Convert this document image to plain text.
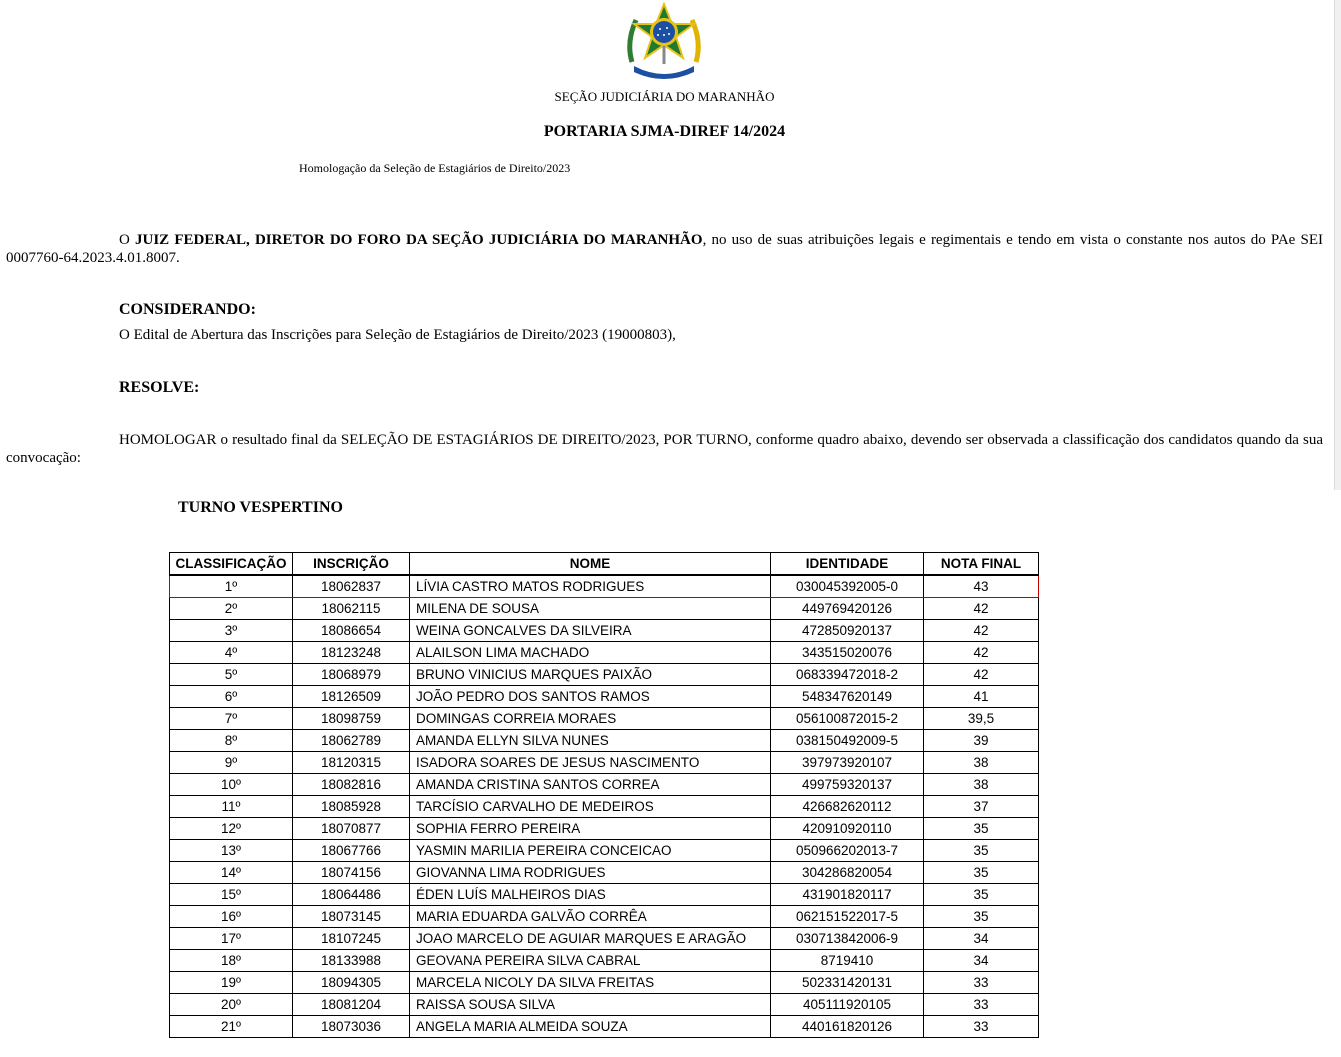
SEÇÃO JUDICIÁRIA DO MARANHÃO
PORTARIA SJMA-DIREF 14/2024
Homologação da Seleção de Estagiários de Direito/2023
O JUIZ FEDERAL, DIRETOR DO FORO DA SEÇÃO JUDICIÁRIA DO MARANHÃO, no uso de suas atribuições legais e regimentais e tendo em vista o constante nos autos do PAe SEI 0007760-64.2023.4.01.8007.
CONSIDERANDO:
O Edital de Abertura das Inscrições para Seleção de Estagiários de Direito/2023 (19000803),
RESOLVE:
HOMOLOGAR o resultado final da SELEÇÃO DE ESTAGIÁRIOS DE DIREITO/2023, POR TURNO, conforme quadro abaixo, devendo ser observada a classificação dos candidatos quando da sua convocação:
TURNO VESPERTINO
CLASSIFICAÇÃO	INSCRIÇÃO	NOME	IDENTIDADE	NOTA FINAL
1º	18062837	LÍVIA CASTRO MATOS RODRIGUES	030045392005-0	43
2º	18062115	MILENA DE SOUSA	449769420126	42
3º	18086654	WEINA GONCALVES DA SILVEIRA	472850920137	42
4º	18123248	ALAILSON LIMA MACHADO	343515020076	42
5º	18068979	BRUNO VINICIUS MARQUES PAIXÃO	068339472018-2	42
6º	18126509	JOÃO PEDRO DOS SANTOS RAMOS	548347620149	41
7º	18098759	DOMINGAS CORREIA MORAES	056100872015-2	39,5
8º	18062789	AMANDA ELLYN SILVA NUNES	038150492009-5	39
9º	18120315	ISADORA SOARES DE JESUS NASCIMENTO	397973920107	38
10º	18082816	AMANDA CRISTINA SANTOS CORREA	499759320137	38
11º	18085928	TARCÍSIO CARVALHO DE MEDEIROS	426682620112	37
12º	18070877	SOPHIA FERRO PEREIRA	420910920110	35
13º	18067766	YASMIN MARILIA PEREIRA CONCEICAO	050966202013-7	35
14º	18074156	GIOVANNA LIMA RODRIGUES	304286820054	35
15º	18064486	ÉDEN LUÍS MALHEIROS DIAS	431901820117	35
16º	18073145	MARIA EDUARDA GALVÃO CORRÊA	062151522017-5	35
17º	18107245	JOAO MARCELO DE AGUIAR MARQUES E ARAGÃO	030713842006-9	34
18º	18133988	GEOVANA PEREIRA SILVA CABRAL	8719410	34
19º	18094305	MARCELA NICOLY DA SILVA FREITAS	502331420131	33
20º	18081204	RAISSA SOUSA SILVA	405111920105	33
21º	18073036	ANGELA MARIA ALMEIDA SOUZA	440161820126	33
